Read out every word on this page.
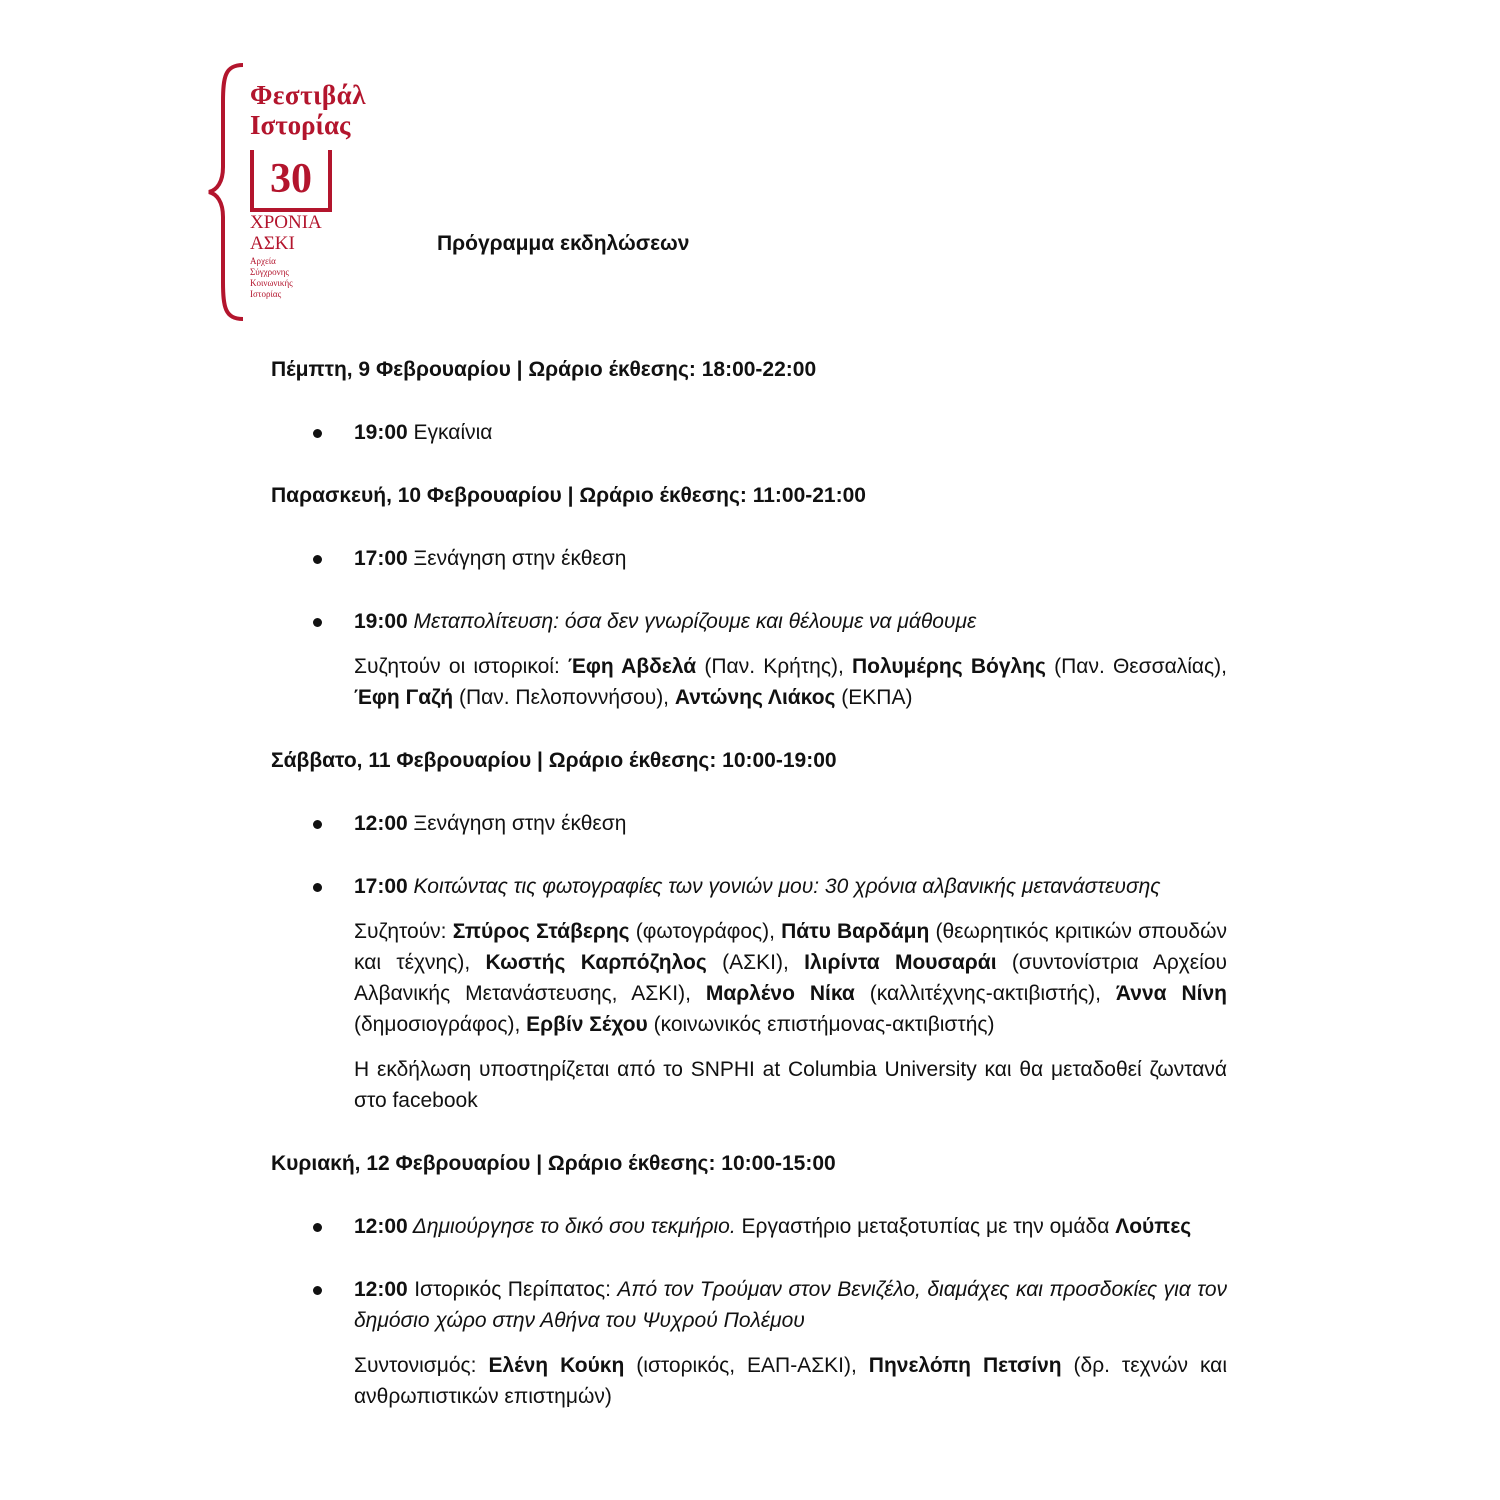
Φεστιβάλ
Ιστορίας
30
ΧΡΟΝΙΑ
ΑΣΚΙ
Αρχεία
Σύγχρονης
Κοινωνικής
Ιστορίας
Πρόγραμμα εκδηλώσεων
Πέμπτη, 9 Φεβρουαρίου | Ωράριο έκθεσης: 18:00-22:00
19:00 Εγκαίνια
Παρασκευή, 10 Φεβρουαρίου | Ωράριο έκθεσης: 11:00-21:00
17:00 Ξενάγηση στην έκθεση
19:00 Μεταπολίτευση: όσα δεν γνωρίζουμε και θέλουμε να μάθουμε
Συζητούν οι ιστορικοί: Έφη Αβδελά (Παν. Κρήτης), Πολυμέρης Βόγλης (Παν. Θεσσαλίας), Έφη Γαζή (Παν. Πελοποννήσου), Αντώνης Λιάκος (ΕΚΠΑ)
Σάββατο, 11 Φεβρουαρίου | Ωράριο έκθεσης: 10:00-19:00
12:00 Ξενάγηση στην έκθεση
17:00 Κοιτώντας τις φωτογραφίες των γονιών μου: 30 χρόνια αλβανικής μετανάστευσης
Συζητούν: Σπύρος Στάβερης (φωτογράφος), Πάτυ Βαρδάμη (θεωρητικός κριτικών σπουδών και τέχνης), Κωστής Καρπόζηλος (ΑΣΚΙ), Ιλιρίντα Μουσαράι (συντονίστρια Αρχείου Αλβανικής Μετανάστευσης, ΑΣΚΙ), Μαρλένο Νίκα (καλλιτέχνης-ακτιβιστής), Άννα Νίνη (δημοσιογράφος), Ερβίν Σέχου (κοινωνικός επιστήμονας-ακτιβιστής)
Η εκδήλωση υποστηρίζεται από το SNPHI at Columbia University και θα μεταδοθεί ζωντανά στο facebook
Κυριακή, 12 Φεβρουαρίου | Ωράριο έκθεσης: 10:00-15:00
12:00 Δημιούργησε το δικό σου τεκμήριο. Εργαστήριο μεταξοτυπίας με την ομάδα Λούπες
12:00 Ιστορικός Περίπατος: Από τον Τρούμαν στον Βενιζέλο, διαμάχες και προσδοκίες για τον δημόσιο χώρο στην Αθήνα του Ψυχρού Πολέμου
Συντονισμός: Ελένη Κούκη (ιστορικός, ΕΑΠ-ΑΣΚΙ), Πηνελόπη Πετσίνη (δρ. τεχνών και ανθρωπιστικών επιστημών)
